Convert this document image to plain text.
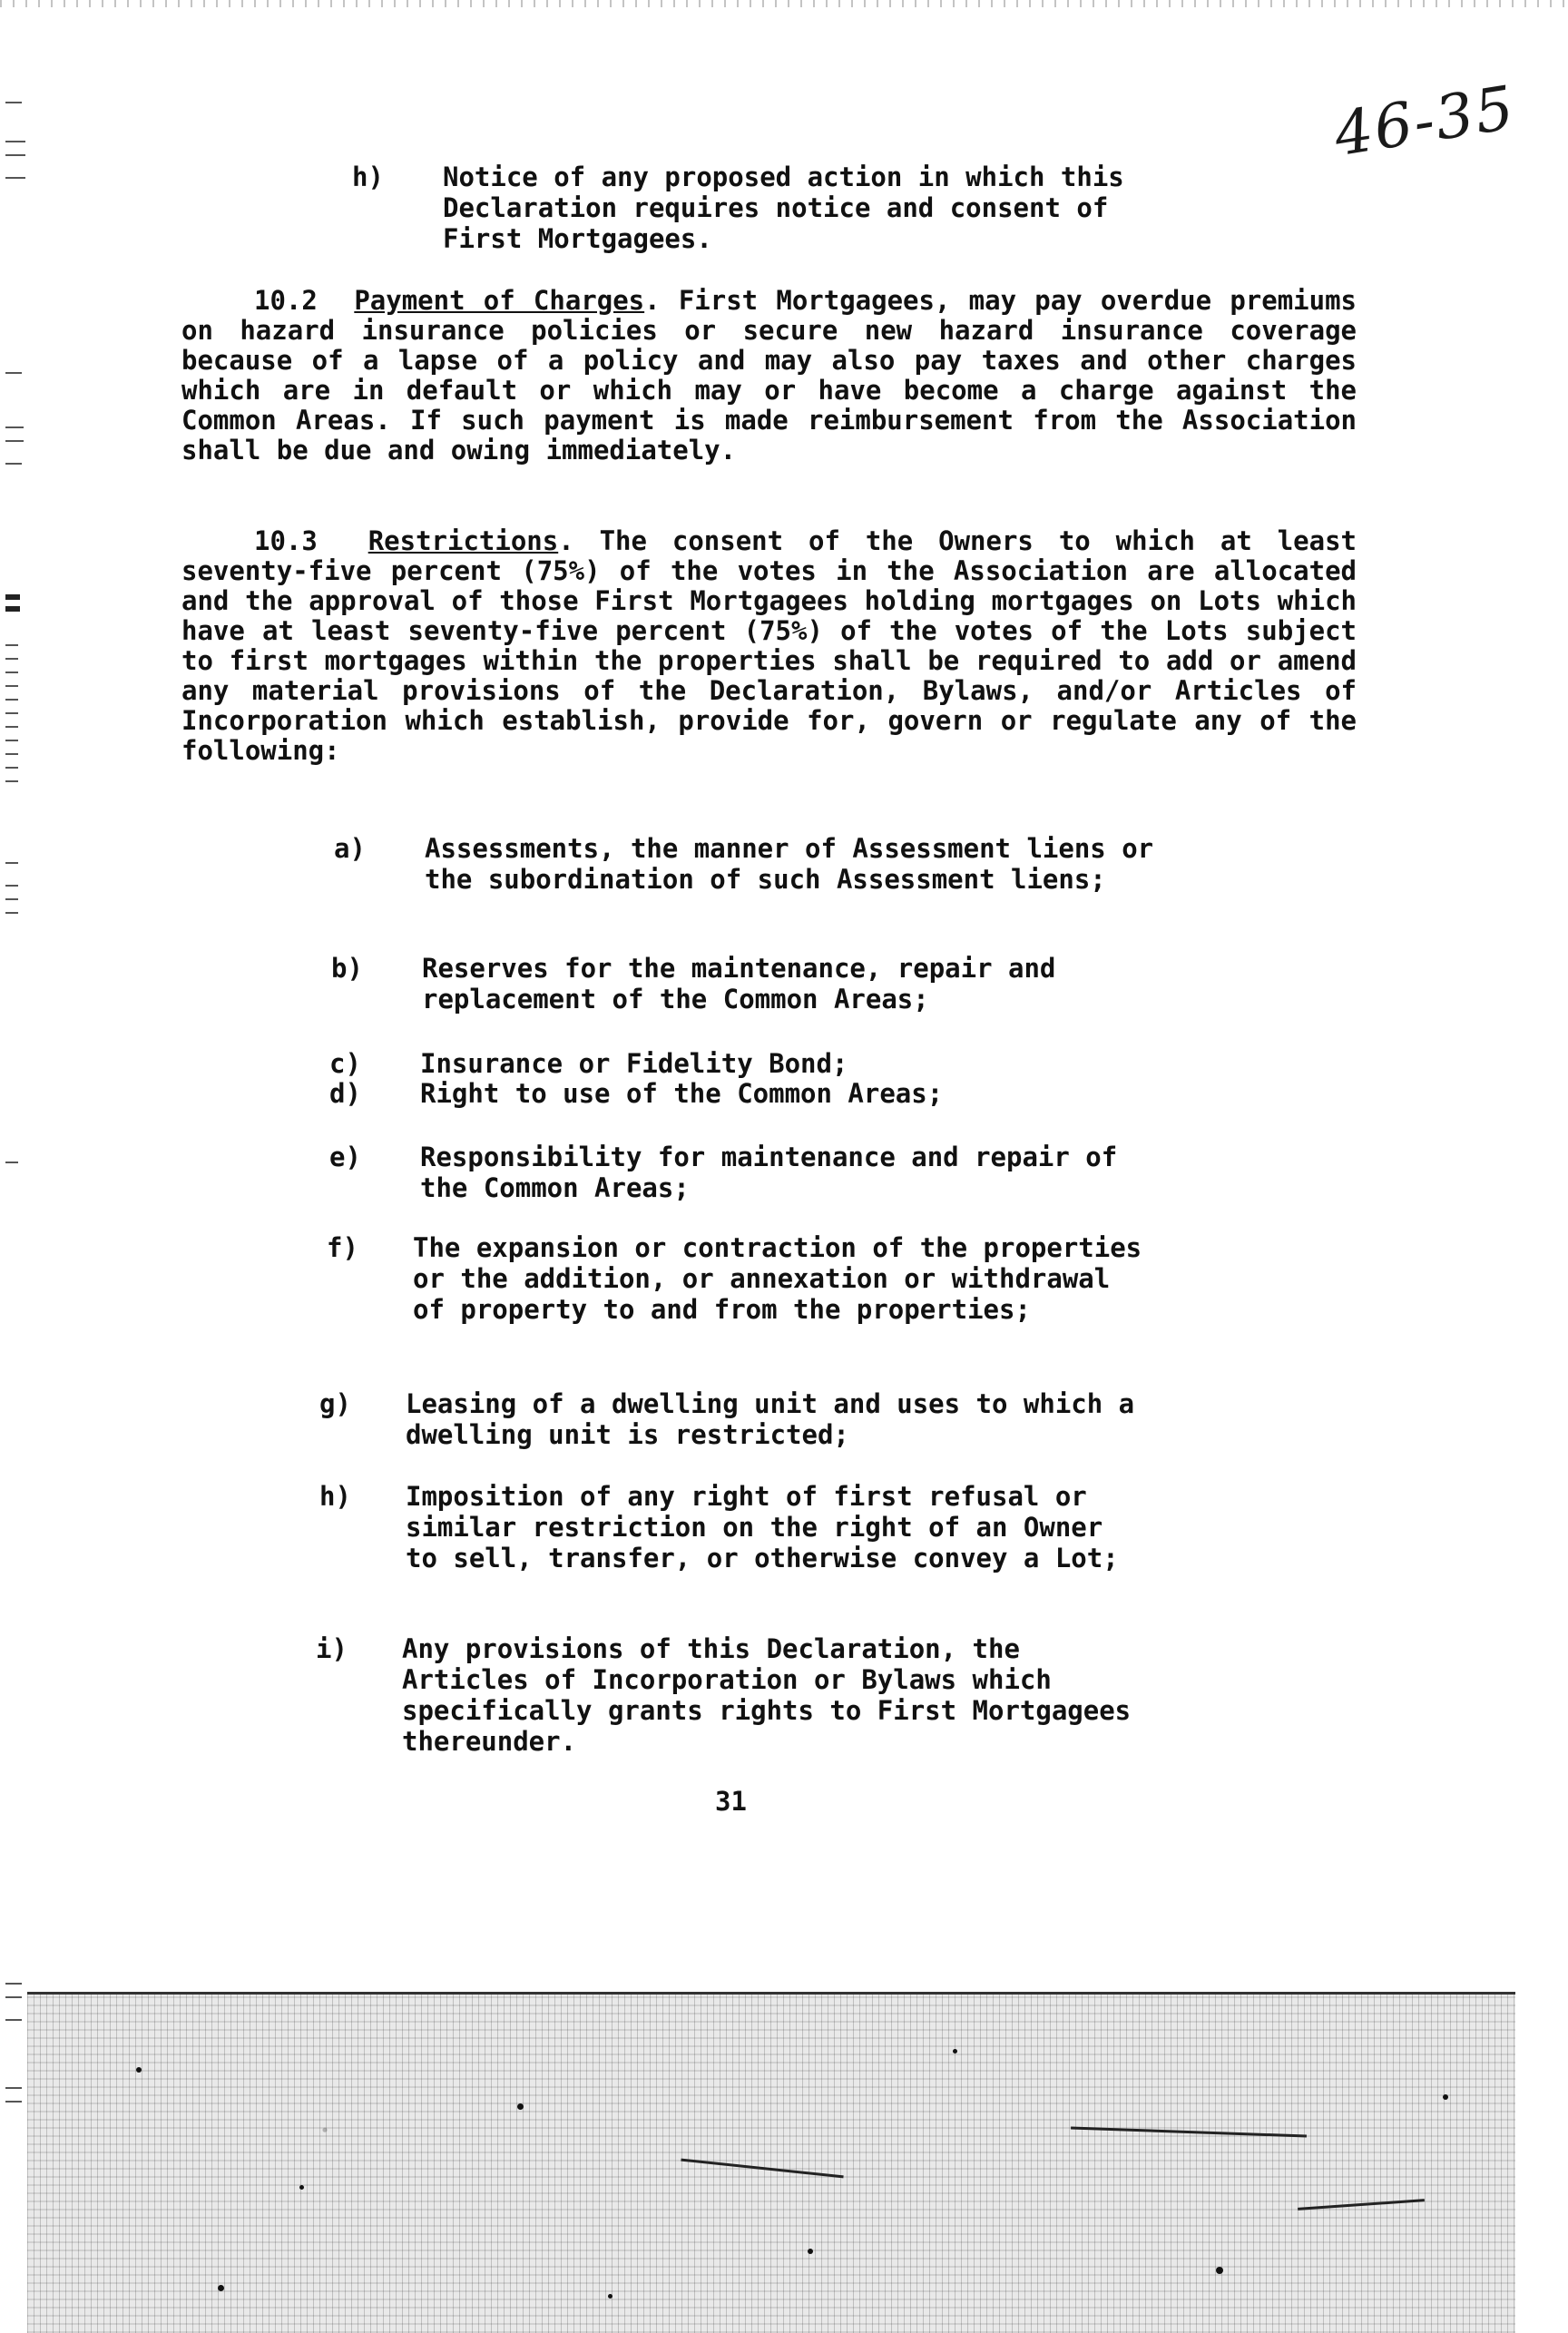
46-35
h) Notice of any proposed action in which this Declaration requires notice and consent of First Mortgagees.
10.2 Payment of Charges. First Mortgagees, may pay overdue premiums on hazard insurance policies or secure new hazard insurance coverage because of a lapse of a policy and may also pay taxes and other charges which are in default or which may or have become a charge against the Common Areas. If such payment is made reimbursement from the Association shall be due and owing immediately.
10.3 Restrictions. The consent of the Owners to which at least seventy-five percent (75%) of the votes in the Association are allocated and the approval of those First Mortgagees holding mortgages on Lots which have at least seventy-five percent (75%) of the votes of the Lots subject to first mortgages within the properties shall be required to add or amend any material provisions of the Declaration, Bylaws, and/or Articles of Incorporation which establish, provide for, govern or regulate any of the following:
a) Assessments, the manner of Assessment liens or the subordination of such Assessment liens;
b) Reserves for the maintenance, repair and replacement of the Common Areas;
c) Insurance or Fidelity Bond;
d) Right to use of the Common Areas;
e) Responsibility for maintenance and repair of the Common Areas;
f) The expansion or contraction of the properties or the addition, or annexation or withdrawal of property to and from the properties;
g) Leasing of a dwelling unit and uses to which a dwelling unit is restricted;
h) Imposition of any right of first refusal or similar restriction on the right of an Owner to sell, transfer, or otherwise convey a Lot;
i) Any provisions of this Declaration, the Articles of Incorporation or Bylaws which specifically grants rights to First Mortgagees thereunder.
31
